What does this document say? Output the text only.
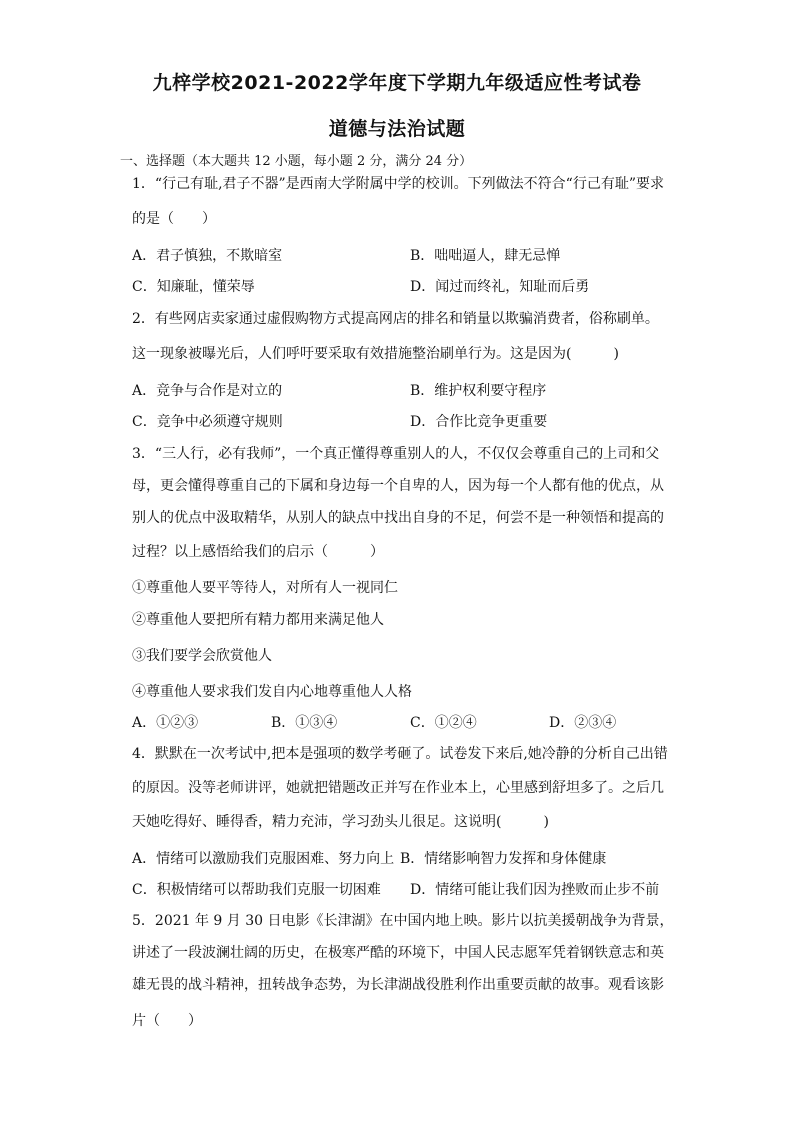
九梓学校2021-2022学年度下学期九年级适应性考试卷
道德与法治试题
一、选择题（本大题共 12 小题，每小题 2 分，满分 24 分）
1．“行己有耻,君子不器”是西南大学附属中学的校训。下列做法不符合“行己有耻”要求
的是（　　）
A．君子慎独，不欺暗室	B．咄咄逼人，肆无忌惮
C．知廉耻，懂荣辱	D．闻过而终礼，知耻而后勇
2．有些网店卖家通过虚假购物方式提高网店的排名和销量以欺骗消费者，俗称刷单。
这一现象被曝光后，人们呼吁要采取有效措施整治刷单行为。这是因为(　　　)
A．竞争与合作是对立的	B．维护权利要守程序
C．竞争中必须遵守规则	D．合作比竞争更重要
3．“三人行，必有我师”，一个真正懂得尊重别人的人，不仅仅会尊重自己的上司和父
母，更会懂得尊重自己的下属和身边每一个自卑的人，因为每一个人都有他的优点，从
别人的优点中汲取精华，从别人的缺点中找出自身的不足，何尝不是一种领悟和提高的
过程？以上感悟给我们的启示（　　　）
①尊重他人要平等待人，对所有人一视同仁
②尊重他人要把所有精力都用来满足他人
③我们要学会欣赏他人
④尊重他人要求我们发自内心地尊重他人人格
A．①②③	B．①③④	C．①②④	D．②③④
4．默默在一次考试中,把本是强项的数学考砸了。试卷发下来后,她冷静的分析自己出错
的原因。没等老师讲评，她就把错题改正并写在作业本上，心里感到舒坦多了。之后几
天她吃得好、睡得香，精力充沛，学习劲头儿很足。这说明(　　　)
A．情绪可以激励我们克服困难、努力向上 B．情绪影响智力发挥和身体健康
C．积极情绪可以帮助我们克服一切困难 D．情绪可能让我们因为挫败而止步不前
5．2021 年 9 月 30 日电影《长津湖》在中国内地上映。影片以抗美援朝战争为背景，
讲述了一段波澜壮阔的历史，在极寒严酷的环境下，中国人民志愿军凭着钢铁意志和英
雄无畏的战斗精神，扭转战争态势，为长津湖战役胜利作出重要贡献的故事。观看该影
片（　　）
